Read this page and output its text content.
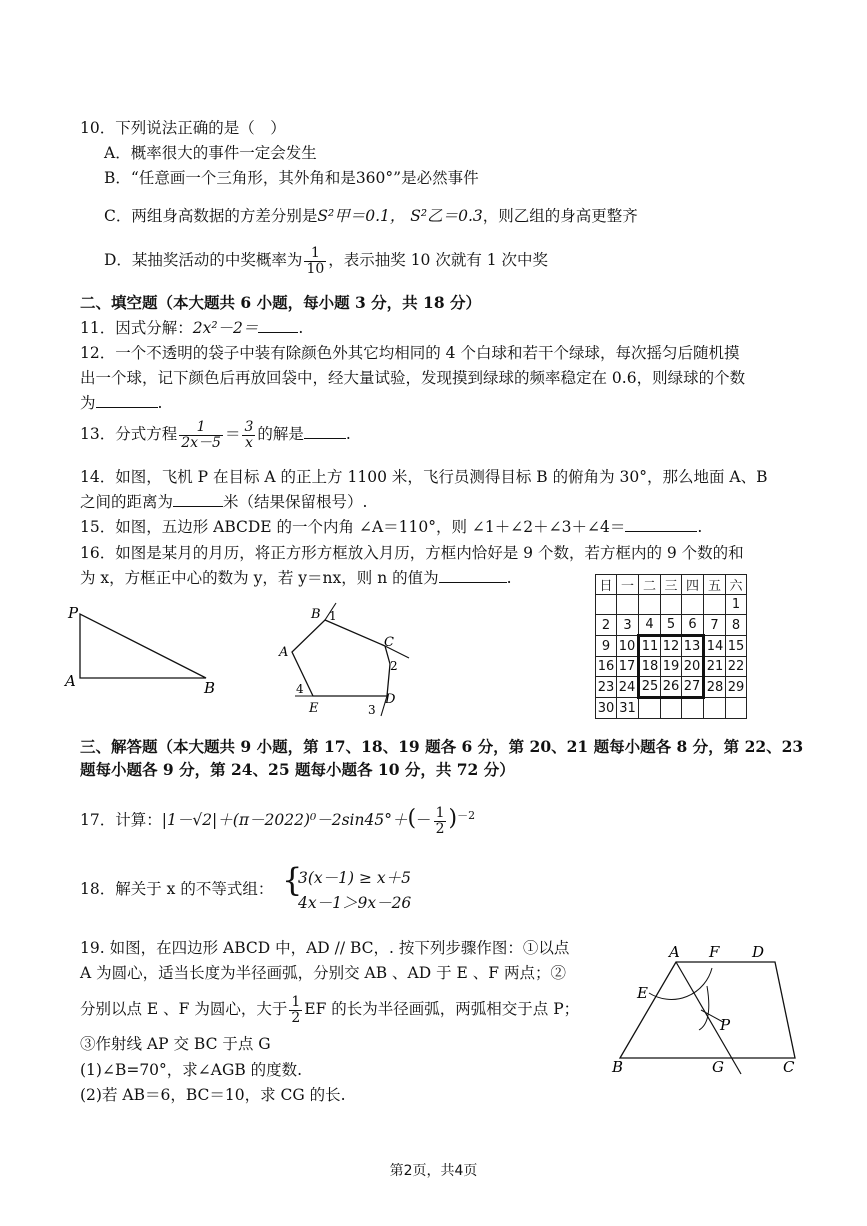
10．下列说法正确的是（　）
A．概率很大的事件一定会发生
B．“任意画一个三角形，其外角和是360°”是必然事件
C．两组身高数据的方差分别是S²甲＝0.1， S²乙＝0.3，则乙组的身高更整齐
D．某抽奖活动的中奖概率为 $\frac{1}{10}$ ，表示抽奖 10 次就有 1 次中奖
二、填空题（本大题共 6 小题，每小题 3 分，共 18 分）
11．因式分解：2x²－2＝	.
12．一个不透明的袋子中装有除颜色外其它均相同的 4 个白球和若干个绿球，每次摇匀后随机摸
出一个球，记下颜色后再放回袋中，经大量试验，发现摸到绿球的频率稳定在 0.6，则绿球的个数
为	.
13．分式方程 $\frac{1}{2x-5} = \frac{3}{x}$ 的解是	.
14．如图，飞机 P 在目标 A 的正上方 1100 米，飞行员测得目标 B 的俯角为 30°，那么地面 A、B
之间的距离为	米（结果保留根号）.
15．如图，五边形 ABCDE 的一个内角 ∠A＝110°，则 ∠1＋∠2＋∠3＋∠4＝	.
16．如图是某月的月历，将正方形方框放入月历，方框内恰好是 9 个数，若方框内的 9 个数的和
为 x，方框正中心的数为 y，若 y＝nx，则 n 的值为	.
P
A	B
B 1
C
2
A
4
D
E	3
日	一	二	三	四	五	六
						1
2	3	4	5	6	7	8
9	10	11	12	13	14	15
16	17	18	19	20	21	22
23	24	25	26	27	28	29
30	31					
三、解答题（本大题共 9 小题，第 17、18、19 题各 6 分，第 20、21 题每小题各 8 分，第 22、23
题每小题各 9 分，第 24、25 题每小题各 10 分，共 72 分）
17．计算：$|1-√2|+(\pi-2022)^0-2\sin 45^\circ+(- \frac{1}{2} )^{-2}$
18．解关于 x 的不等式组： {
3(x－1) ≥ x＋5
4x－1＞9x－26
19. 如图，在四边形 ABCD 中，AD // BC，. 按下列步骤作图：①以点
A 为圆心，适当长度为半径画弧，分别交 AB 、AD 于 E 、F 两点；②
分别以点 E 、F 为圆心，大于 $\frac{1}{2}$ EF 的长为半径画弧，两弧相交于点 P；
③作射线 AP 交 BC 于点 G
(1)∠B=70°，求∠AGB 的度数.
(2)若 AB＝6，BC＝10，求 CG 的长.
A F D
E
P
B	G	C
第2页，共4页
